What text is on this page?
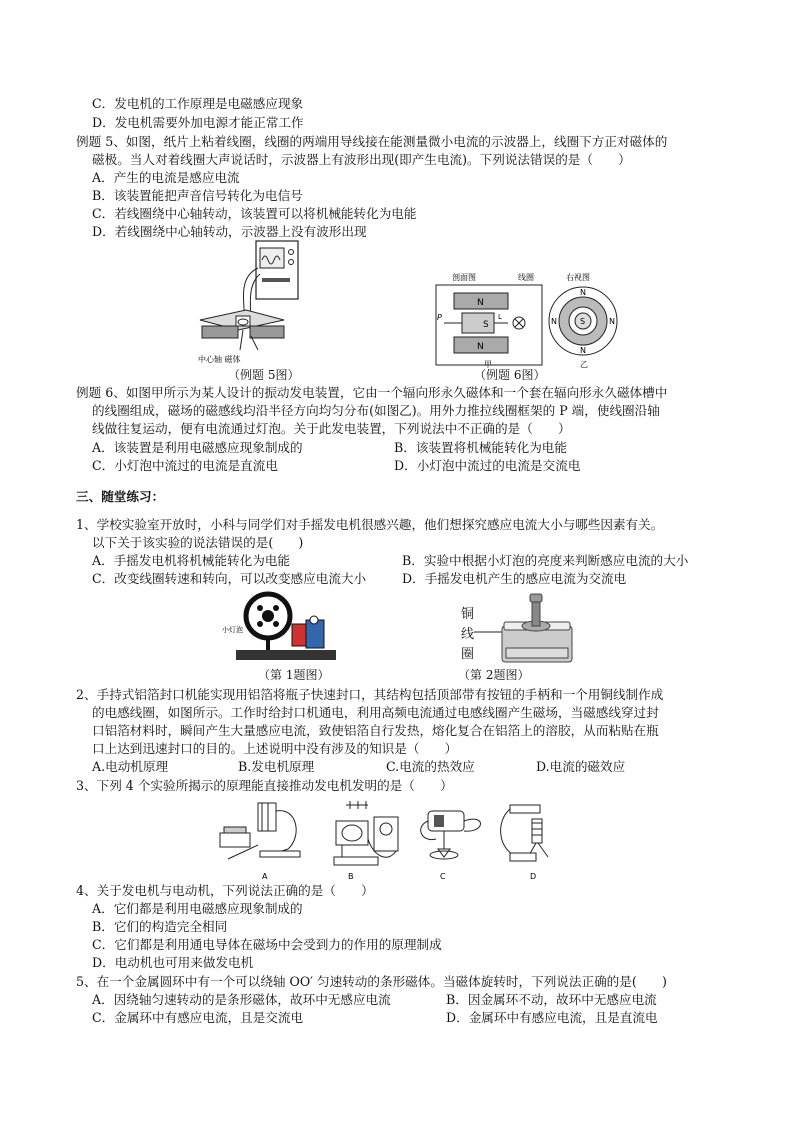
C．发电机的工作原理是电磁感应现象
D．发电机需要外加电源才能正常工作
例题 5、如图，纸片上粘着线圈，线圈的两端用导线接在能测量微小电流的示波器上，线圈下方正对磁体的
磁极。当人对着线圈大声说话时，示波器上有波形出现(即产生电流)。下列说法错误的是（　　）
A．产生的电流是感应电流
B．该装置能把声音信号转化为电信号
C．若线圈绕中心轴转动，该装置可以将机械能转化为电能
D．若线圈绕中心轴转动，示波器上没有波形出现
中心轴 磁体
（例题 5图）
剖面图	线圈	右视图
N
N
S
P	L
甲
S
N
N
N	N
乙
（例题 6图）
例题 6、如图甲所示为某人设计的振动发电装置，它由一个辐向形永久磁体和一个套在辐向形永久磁体槽中
的线圈组成，磁场的磁感线均沿半径方向均匀分布(如图乙)。用外力推拉线圈框架的 P 端，使线圈沿轴
线做往复运动，便有电流通过灯泡。关于此发电装置，下列说法中不正确的是（　　）
A．该装置是利用电磁感应现象制成的	B．该装置将机械能转化为电能
C．小灯泡中流过的电流是直流电	D．小灯泡中流过的电流是交流电
三、随堂练习：
1、学校实验室开放时，小科与同学们对手摇发电机很感兴趣，他们想探究感应电流大小与哪些因素有关。
以下关于该实验的说法错误的是(　　)
A．手摇发电机将机械能转化为电能	B．实验中根据小灯泡的亮度来判断感应电流的大小
C．改变线圈转速和转向，可以改变感应电流大小	D．手摇发电机产生的感应电流为交流电
小灯泡
（第 1题图）
铜
线
圈
（第 2题图）
2、手持式铝箔封口机能实现用铝箔将瓶子快速封口，其结构包括顶部带有按钮的手柄和一个用铜线制作成
的电感线圈，如图所示。工作时给封口机通电，利用高频电流通过电感线圈产生磁场，当磁感线穿过封
口铝箔材料时，瞬间产生大量感应电流，致使铝箔自行发热，熔化复合在铝箔上的溶胶，从而粘贴在瓶
口上达到迅速封口的目的。上述说明中没有涉及的知识是（　　）
A.电动机原理	B.发电机原理	C.电流的热效应	D.电流的磁效应
3、下列 4 个实验所揭示的原理能直接推动发电机发明的是（　　）
A	B	C	D
4、关于发电机与电动机，下列说法正确的是（　　）
A．它们都是利用电磁感应现象制成的
B．它们的构造完全相同
C．它们都是利用通电导体在磁场中会受到力的作用的原理制成
D．电动机也可用来做发电机
5、在一个金属圆环中有一个可以绕轴 OO′ 匀速转动的条形磁体。当磁体旋转时，下列说法正确的是(　　)
A．因绕轴匀速转动的是条形磁体，故环中无感应电流	B．因金属环不动，故环中无感应电流
C．金属环中有感应电流，且是交流电	D．金属环中有感应电流，且是直流电
